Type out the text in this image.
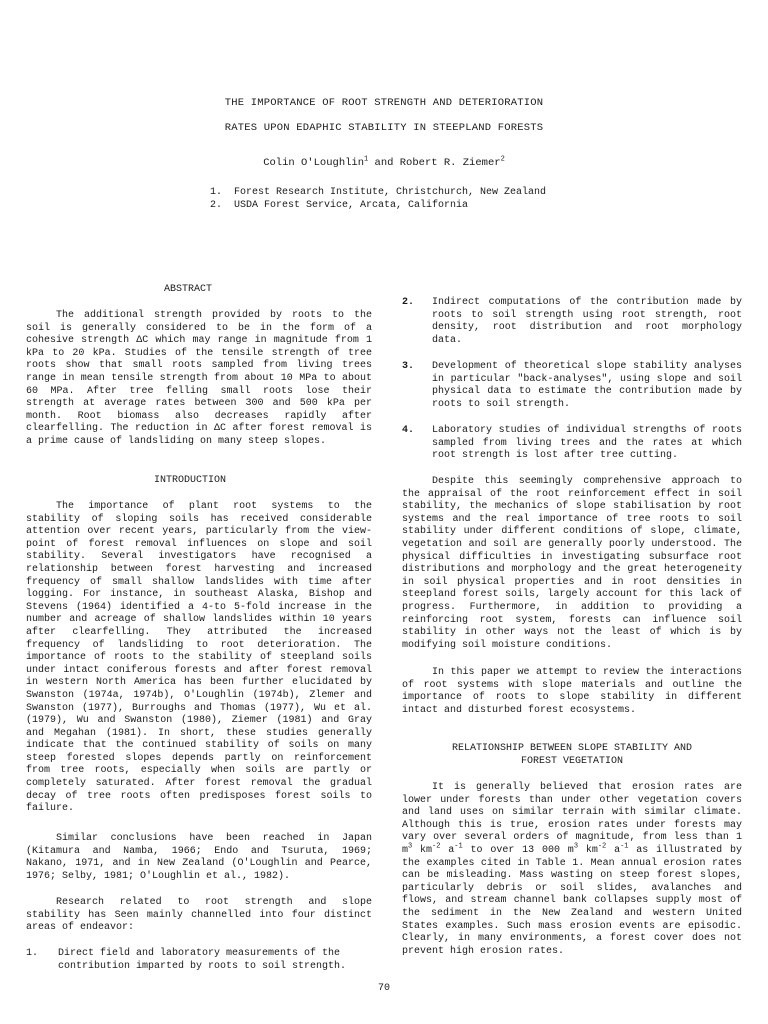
THE IMPORTANCE OF ROOT STRENGTH AND DETERIORATION
RATES UPON EDAPHIC STABILITY IN STEEPLAND FORESTS
Colin O'Loughlin$^1$ and Robert R. Ziemer$^2$
1.  Forest Research Institute, Christchurch, New Zealand
2.  USDA Forest Service, Arcata, California
ABSTRACT

The additional strength provided by roots to the soil is generally considered to be in the form of a cohesive strength ΔC which may range in magnitude from 1 kPa to 20 kPa. Studies of the tensile strength of tree roots show that small roots sampled from living trees range in mean tensile strength from about 10 MPa to about 60 MPa. After tree felling small roots lose their strength at average rates between 300 and 500 kPa per month. Root biomass also decreases rapidly after clearfelling. The reduction in ΔC after forest removal is a prime cause of landsliding on many steep slopes.

INTRODUCTION

The importance of plant root systems to the stability of sloping soils has received considerable attention over recent years, particularly from the view-point of forest removal influences on slope and soil stability. Several investigators have recognised a relationship between forest harvesting and increased frequency of small shallow landslides with time after logging. For instance, in southeast Alaska, Bishop and Stevens (1964) identified a 4-to 5-fold increase in the number and acreage of shallow landslides within 10 years after clearfelling. They attributed the increased frequency of landsliding to root deterioration. The importance of roots to the stability of steepland soils under intact coniferous forests and after forest removal in western North America has been further elucidated by Swanston (1974a, 1974b), O'Loughlin (1974b), Zlemer and Swanston (1977), Burroughs and Thomas (1977), Wu et al. (1979), Wu and Swanston (1980), Ziemer (1981) and Gray and Megahan (1981). In short, these studies generally indicate that the continued stability of soils on many steep forested slopes depends partly on reinforcement from tree roots, especially when soils are partly or completely saturated. After forest removal the gradual decay of tree roots often predisposes forest soils to failure.

Similar conclusions have been reached in Japan (Kitamura and Namba, 1966; Endo and Tsuruta, 1969; Nakano, 1971, and in New Zealand (O'Loughlin and Pearce, 1976; Selby, 1981; O'Loughlin et al., 1982).

Research related to root strength and slope stability has Seen mainly channelled into four distinct areas of endeavor:

1. Direct field and laboratory measurements of the contribution imparted by roots to soil strength.
2. Indirect computations of the contribution made by roots to soil strength using root strength, root density, root distribution and root morphology data.
3. Development of theoretical slope stability analyses in particular "back-analyses", using slope and soil physical data to estimate the contribution made by roots to soil strength.
4. Laboratory studies of individual strengths of roots sampled from living trees and the rates at which root strength is lost after tree cutting.

Despite this seemingly comprehensive approach to the appraisal of the root reinforcement effect in soil stability, the mechanics of slope stabilisation by root systems and the real importance of tree roots to soil stability under different conditions of slope, climate, vegetation and soil are generally poorly understood. The physical difficulties in investigating subsurface root distributions and morphology and the great heterogeneity in soil physical properties and in root densities in steepland forest soils, largely account for this lack of progress. Furthermore, in addition to providing a reinforcing root system, forests can influence soil stability in other ways not the least of which is by modifying soil moisture conditions.

In this paper we attempt to review the interactions of root systems with slope materials and outline the importance of roots to slope stability in different intact and disturbed forest ecosystems.

RELATIONSHIP BETWEEN SLOPE STABILITY AND
FOREST VEGETATION

It is generally believed that erosion rates are lower under forests than under other vegetation covers and land uses on similar terrain with similar climate. Although this is true, erosion rates under forests may vary over several orders of magnitude, from less than 1 $m^3$ $km^{-2}$ $a^{-1}$ to over 13 000 $m^3$ $km^{-2}$ $a^{-1}$ as illustrated by the examples cited in Table 1. Mean annual erosion rates can be misleading. Mass wasting on steep forest slopes, particularly debris or soil slides, avalanches and flows, and stream channel bank collapses supply most of the sediment in the New Zealand and western United States examples. Such mass erosion events are episodic. Clearly, in many environments, a forest cover does not prevent high erosion rates.

70
